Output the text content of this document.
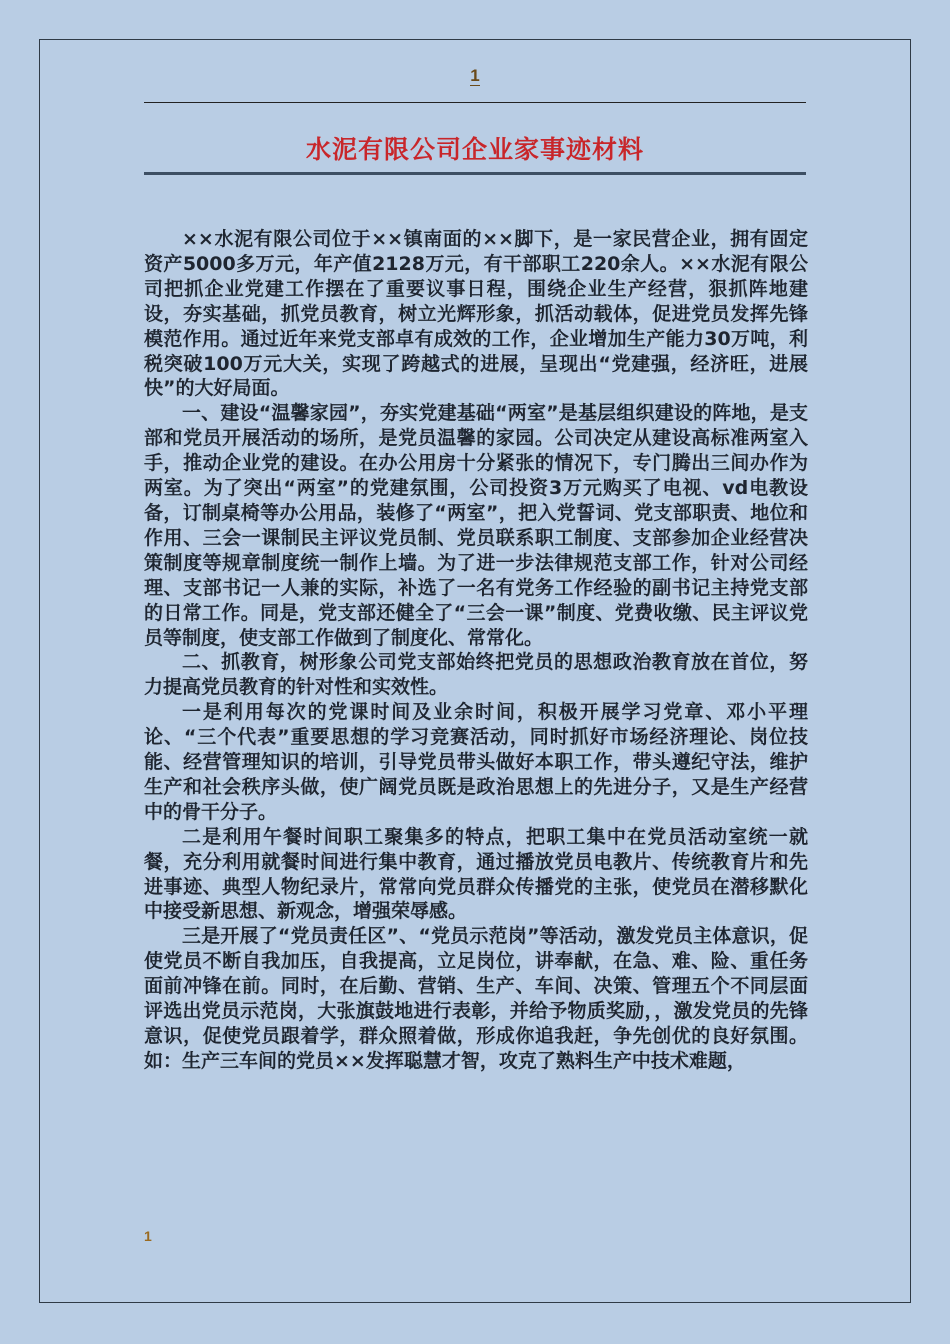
1
水泥有限公司企业家事迹材料

××水泥有限公司位于××镇南面的××脚下，是一家民营企业，拥有固定资产5000多万元，年产值2128万元，有干部职工220余人。××水泥有限公司把抓企业党建工作摆在了重要议事日程，围绕企业生产经营，狠抓阵地建设，夯实基础，抓党员教育，树立光辉形象，抓活动载体，促进党员发挥先锋模范作用。通过近年来党支部卓有成效的工作，企业增加生产能力30万吨，利税突破100万元大关，实现了跨越式的进展，呈现出“党建强，经济旺，进展快”的大好局面。

一、建设“温馨家园”，夯实党建基础“两室”是基层组织建设的阵地，是支部和党员开展活动的场所，是党员温馨的家园。公司决定从建设高标准两室入手，推动企业党的建设。在办公用房十分紧张的情况下，专门腾出三间办作为两室。为了突出“两室”的党建氛围，公司投资3万元购买了电视、vd电教设备，订制桌椅等办公用品，装修了“两室”，把入党誓词、党支部职责、地位和作用、三会一课制民主评议党员制、党员联系职工制度、支部参加企业经营决策制度等规章制度统一制作上墙。为了进一步法律规范支部工作，针对公司经理、支部书记一人兼的实际，补选了一名有党务工作经验的副书记主持党支部的日常工作。同是，党支部还健全了“三会一课”制度、党费收缴、民主评议党员等制度，使支部工作做到了制度化、常常化。

二、抓教育，树形象公司党支部始终把党员的思想政治教育放在首位，努力提高党员教育的针对性和实效性。

一是利用每次的党课时间及业余时间，积极开展学习党章、邓小平理论、“三个代表”重要思想的学习竞赛活动，同时抓好市场经济理论、岗位技能、经营管理知识的培训，引导党员带头做好本职工作，带头遵纪守法，维护生产和社会秩序头做，使广阔党员既是政治思想上的先进分子，又是生产经营中的骨干分子。

二是利用午餐时间职工聚集多的特点，把职工集中在党员活动室统一就餐，充分利用就餐时间进行集中教育，通过播放党员电教片、传统教育片和先进事迹、典型人物纪录片，常常向党员群众传播党的主张，使党员在潜移默化中接受新思想、新观念，增强荣辱感。

三是开展了“党员责任区”、“党员示范岗”等活动，激发党员主体意识，促使党员不断自我加压，自我提高，立足岗位，讲奉献，在急、难、险、重任务面前冲锋在前。同时，在后勤、营销、生产、车间、决策、管理五个不同层面评选出党员示范岗，大张旗鼓地进行表彰，并给予物质奖励，，激发党员的先锋意识，促使党员跟着学，群众照着做，形成你追我赶，争先创优的良好氛围。如：生产三车间的党员××发挥聪慧才智，攻克了熟料生产中技术难题，

1
